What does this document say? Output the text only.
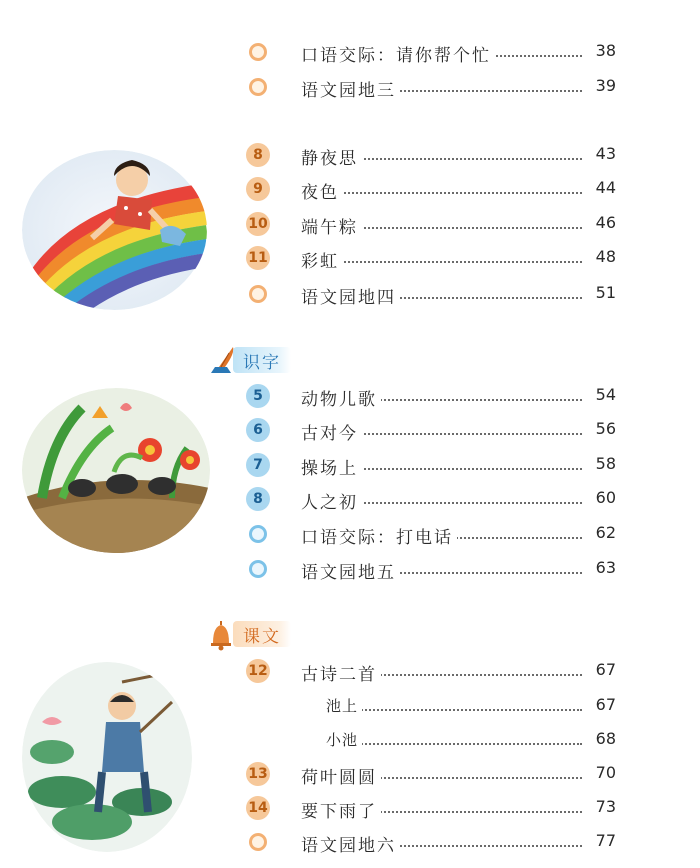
识字
课文
口语交际：请你帮个忙	38
语文园地三	39
8	静夜思	43
9	夜色	44
10 端午粽	46
11 彩虹	48
语文园地四	51
5	动物儿歌	54
6	古对今	56
7	操场上	58
8	人之初	60
口语交际：打电话	62
语文园地五	63
12 古诗二首	67
池上	67
小池	68
13 荷叶圆圆	70
14 要下雨了	73
语文园地六	77
